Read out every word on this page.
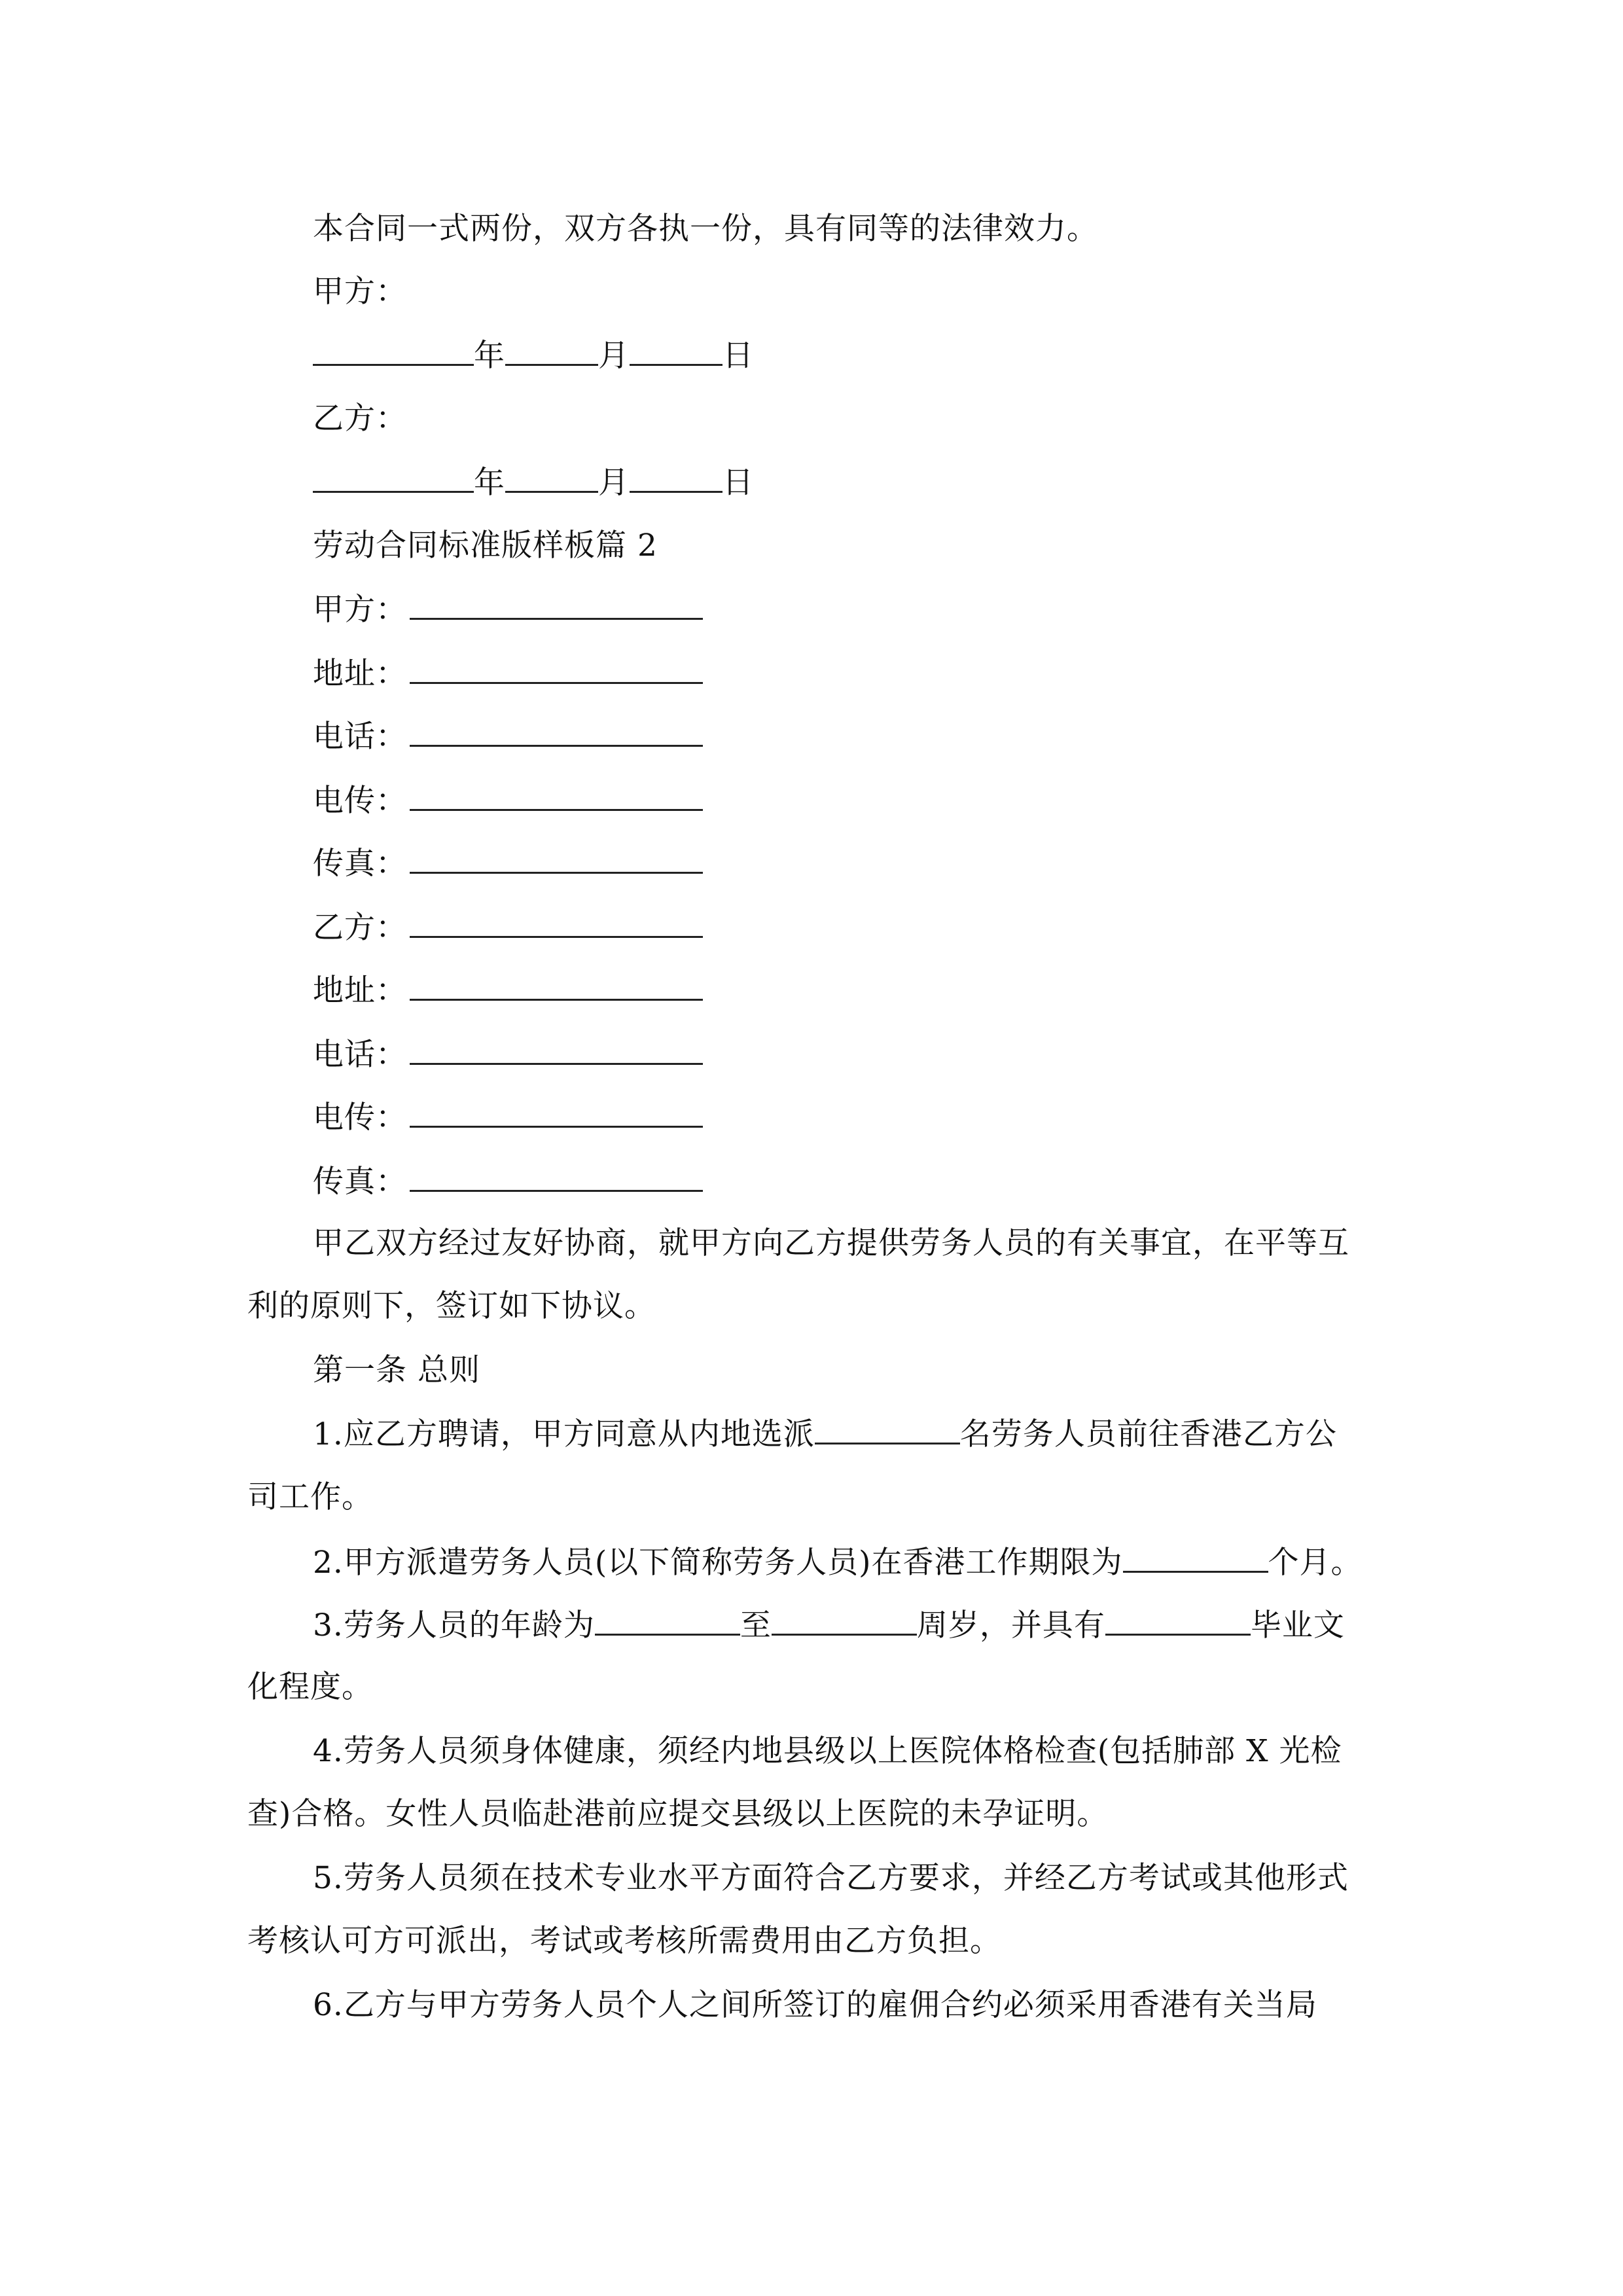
本合同一式两份，双方各执一份，具有同等的法律效力。

甲方：

年	月	日

乙方：

年	月	日

劳动合同标准版样板篇 2

甲方：

地址：

电话：

电传：

传真：

乙方：

地址：

电话：

电传：

传真：

甲乙双方经过友好协商，就甲方向乙方提供劳务人员的有关事宜，在平等互

利的原则下，签订如下协议。

第一条 总则

1.应乙方聘请，甲方同意从内地选派	名劳务人员前往香港乙方公

司工作。

2.甲方派遣劳务人员(以下简称劳务人员)在香港工作期限为	个月。

3.劳务人员的年龄为	至	周岁，并具有	毕业文

化程度。

4.劳务人员须身体健康，须经内地县级以上医院体格检查(包括肺部 X 光检

查)合格。女性人员临赴港前应提交县级以上医院的未孕证明。

5.劳务人员须在技术专业水平方面符合乙方要求，并经乙方考试或其他形式

考核认可方可派出，考试或考核所需费用由乙方负担。

6.乙方与甲方劳务人员个人之间所签订的雇佣合约必须采用香港有关当局
